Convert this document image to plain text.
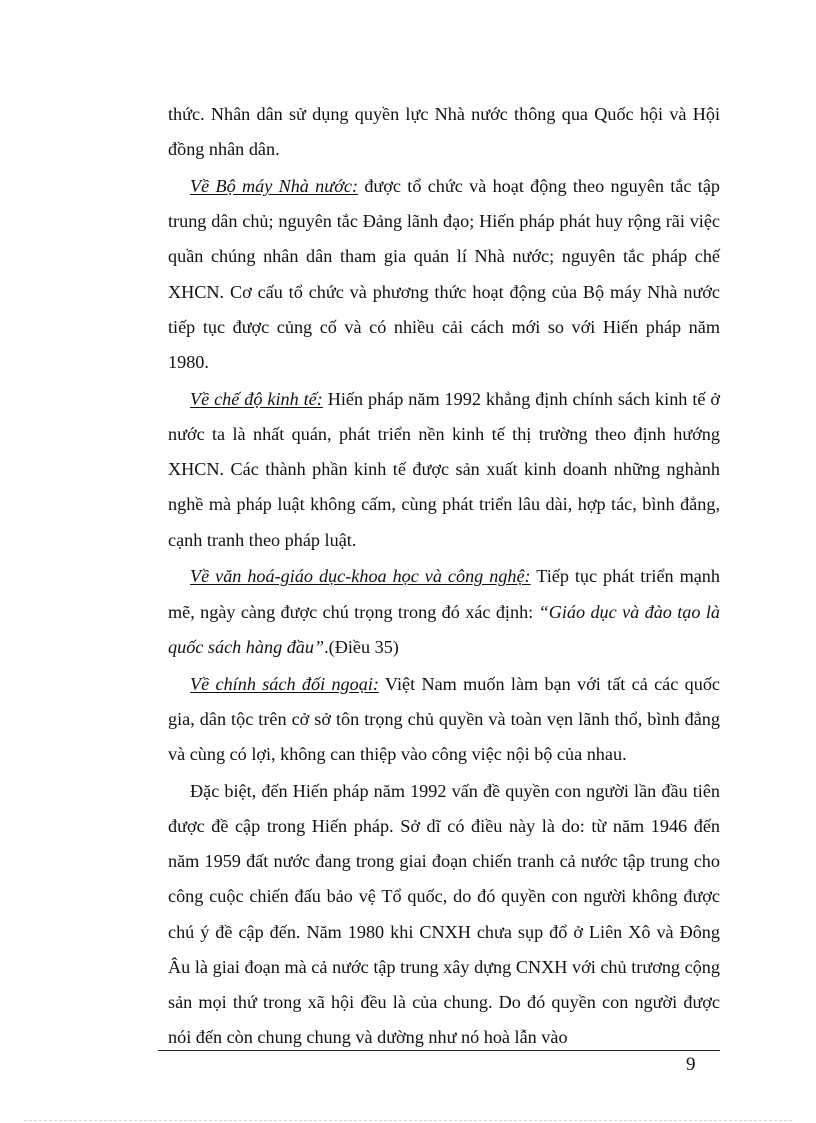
thức. Nhân dân sử dụng quyền lực Nhà nước thông qua Quốc hội và Hội đồng nhân dân.

Về Bộ máy Nhà nước: được tổ chức và hoạt động theo nguyên tắc tập trung dân chủ; nguyên tắc Đảng lãnh đạo; Hiến pháp phát huy rộng rãi việc quần chúng nhân dân tham gia quản lí Nhà nước; nguyên tắc pháp chế XHCN. Cơ cấu tổ chức và phương thức hoạt động của Bộ máy Nhà nước tiếp tục được củng cố và có nhiều cải cách mới so với Hiến pháp năm 1980.

Về chế độ kinh tế: Hiến pháp năm 1992 khẳng định chính sách kinh tế ở nước ta là nhất quán, phát triển nền kinh tế thị trường theo định hướng XHCN. Các thành phần kinh tế được sản xuất kinh doanh những nghành nghề mà pháp luật không cấm, cùng phát triển lâu dài, hợp tác, bình đẳng, cạnh tranh theo pháp luật.

Về văn hoá-giáo dục-khoa học và công nghệ: Tiếp tục phát triển mạnh mẽ, ngày càng được chú trọng trong đó xác định: “Giáo dục và đào tạo là quốc sách hàng đầu”.(Điều 35)

Về chính sách đối ngoại: Việt Nam muốn làm bạn với tất cả các quốc gia, dân tộc trên cở sở tôn trọng chủ quyền và toàn vẹn lãnh thổ, bình đẳng và cùng có lợi, không can thiệp vào công việc nội bộ của nhau.

Đặc biệt, đến Hiến pháp năm 1992 vấn đề quyền con người lần đầu tiên được đề cập trong Hiến pháp. Sở dĩ có điều này là do: từ năm 1946 đến năm 1959 đất nước đang trong giai đoạn chiến tranh cả nước tập trung cho công cuộc chiến đấu bảo vệ Tổ quốc, do đó quyền con người không được chú ý đề cập đến. Năm 1980 khi CNXH chưa sụp đổ ở Liên Xô và Đông Âu là giai đoạn mà cả nước tập trung xây dựng CNXH với chủ trương cộng sản mọi thứ trong xã hội đều là của chung. Do đó quyền con người được nói đến còn chung chung và dường như nó hoà lẫn vào

9
